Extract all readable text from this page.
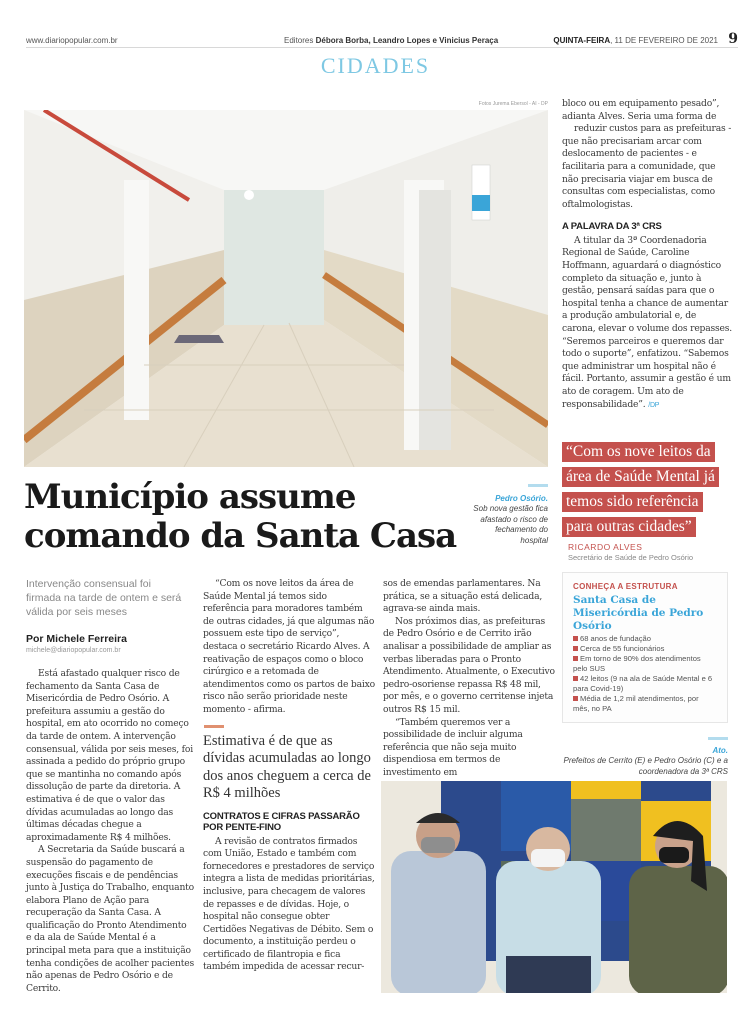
www.diariopopular.com.br	Editores Débora Borba, Leandro Lopes e Vinicius Peraça	QUINTA-FEIRA, 11 DE FEVEREIRO DE 2021 9
CIDADES
Fotos Jurema Ebersol - AI - DP
Município assume comando da Santa Casa

Pedro Osório.
Sob nova gestão fica afastado o risco de fechamento do hospital
Intervenção consensual foi firmada na tarde de ontem e será válida por seis meses
Por Michele Ferreira
michele@diariopopular.com.br

Está afastado qualquer risco de fechamento da Santa Casa de Misericórdia de Pedro Osório. A prefeitura assumiu a gestão do hospital, em ato ocorrido no começo da tarde de ontem. A intervenção consensual, válida por seis meses, foi assinada a pedido do próprio grupo que se mantinha no comando após dissolução de parte da diretoria. A estimativa é de que o valor das dívidas acumuladas ao longo das últimas décadas chegue a aproximadamente R$ 4 milhões.

A Secretaria da Saúde buscará a suspensão do pagamento de execuções fiscais e de pendências junto à Justiça do Trabalho, enquanto elabora Plano de Ação para recuperação da Santa Casa. A qualificação do Pronto Atendimento e da ala de Saúde Mental é a principal meta para que a instituição tenha condições de acolher pacientes não apenas de Pedro Osório e de Cerrito.

“Com os nove leitos da área de Saúde Mental já temos sido referência para moradores também de outras cidades, já que algumas não possuem este tipo de serviço”, destaca o secretário Ricardo Alves. A reativação de espaços como o bloco cirúrgico e a retomada de atendimentos como os partos de baixo risco não serão prioridade neste momento - afirma.

Estimativa é de que as dívidas acumuladas ao longo dos anos cheguem a cerca de R$ 4 milhões
CONTRATOS E CIFRAS PASSARÃO POR PENTE-FINO

A revisão de contratos firmados com União, Estado e também com fornecedores e prestadores de serviço integra a lista de medidas prioritárias, inclusive, para checagem de valores de repasses e de dívidas. Hoje, o hospital não consegue obter Certidões Negativas de Débito. Sem o documento, a instituição perdeu o certificado de filantropia e fica também impedida de acessar recur-

sos de emendas parlamentares. Na prática, se a situação está delicada, agrava-se ainda mais.

Nos próximos dias, as prefeituras de Pedro Osório e de Cerrito irão analisar a possibilidade de ampliar as verbas liberadas para o Pronto Atendimento. Atualmente, o Executivo pedro-osoriense repassa R$ 48 mil, por mês, e o governo cerritense injeta outros R$ 15 mil.

“Também queremos ver a possibilidade de incluir alguma referência que não seja muito dispendiosa em termos de investimento em

bloco ou em equipamento pesado”, adianta Alves. Seria uma forma de

reduzir custos para as prefeituras - que não precisariam arcar com deslocamento de pacientes - e facilitaria para a comunidade, que não precisaria viajar em busca de consultas com especialistas, como oftalmologistas.

A PALAVRA DA 3ª CRS

A titular da 3ª Coordenadoria Regional de Saúde, Caroline Hoffmann, aguardará o diagnóstico completo da situação e, junto à gestão, pensará saídas para que o hospital tenha a chance de aumentar a produção ambulatorial e, de carona, elevar o volume dos repasses. “Seremos parceiros e queremos dar todo o suporte”, enfatizou. “Sabemos que administrar um hospital não é fácil. Portanto, assumir a gestão é um ato de coragem. Um ato de responsabilidade”. /DP

“Com os nove leitos da
área de Saúde Mental já
temos sido referência
para outras cidades”
RICARDO ALVES
Secretário de Saúde de Pedro Osório
CONHEÇA A ESTRUTURA
Santa Casa de Misericórdia de Pedro Osório
68 anos de fundação
Cerca de 55 funcionários
Em torno de 90% dos atendimentos pelo SUS
42 leitos (9 na ala de Saúde Mental e 6 para Covid-19)
Média de 1,2 mil atendimentos, por mês, no PA

Ato.
Prefeitos de Cerrito (E) e Pedro Osório (C) e a coordenadora da 3ª CRS
